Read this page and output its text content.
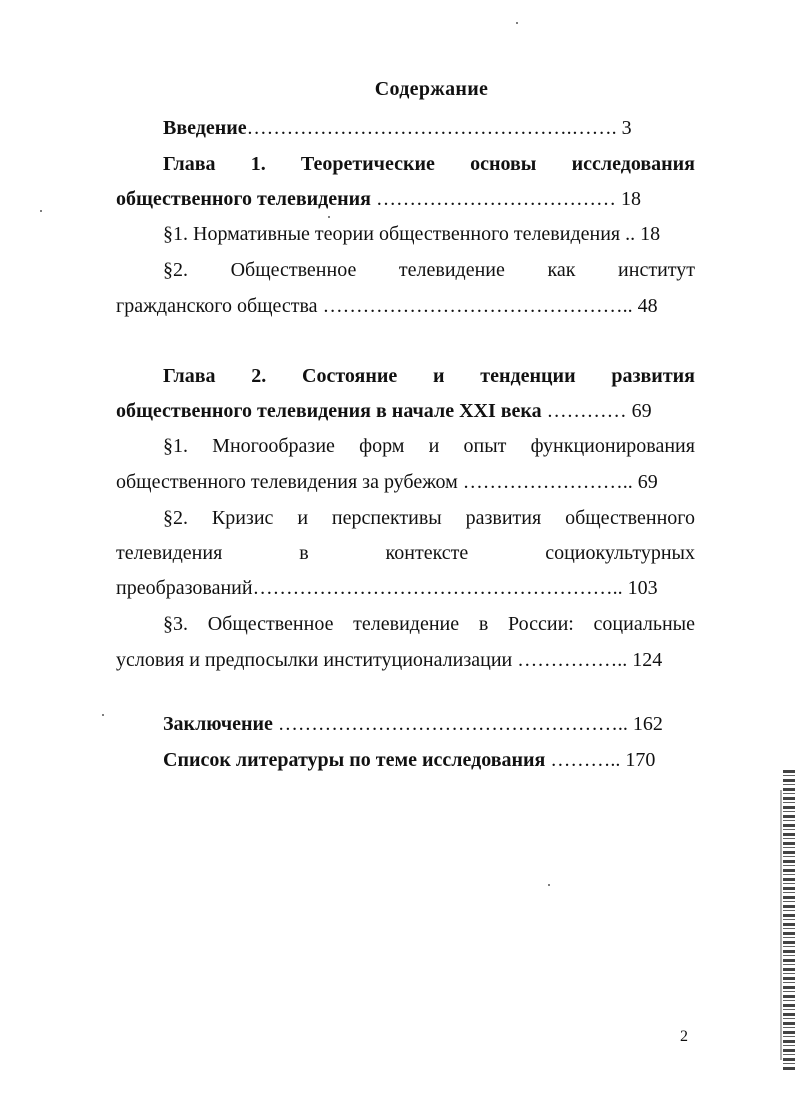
Содержание
Введение………………………………………….……. 3
Глава 1. Теоретические основы исследования
общественного телевидения ……………………………… 18
§1. Нормативные теории общественного телевидения .. 18
§2. Общественное телевидение как институт
гражданского общества ……………………………………….. 48
Глава 2. Состояние и тенденции развития
общественного телевидения в начале XXI века ………… 69
§1. Многообразие форм и опыт функционирования
общественного телевидения за рубежом …………………….. 69
§2. Кризис и перспективы развития общественного
телевидения	в	контексте	социокультурных
преобразований……………………………………………….. 103
§3. Общественное телевидение в России: социальные
условия и предпосылки институционализации …………….. 124
Заключение …………………………………………….. 162
Список литературы по теме исследования ……….. 170
2
